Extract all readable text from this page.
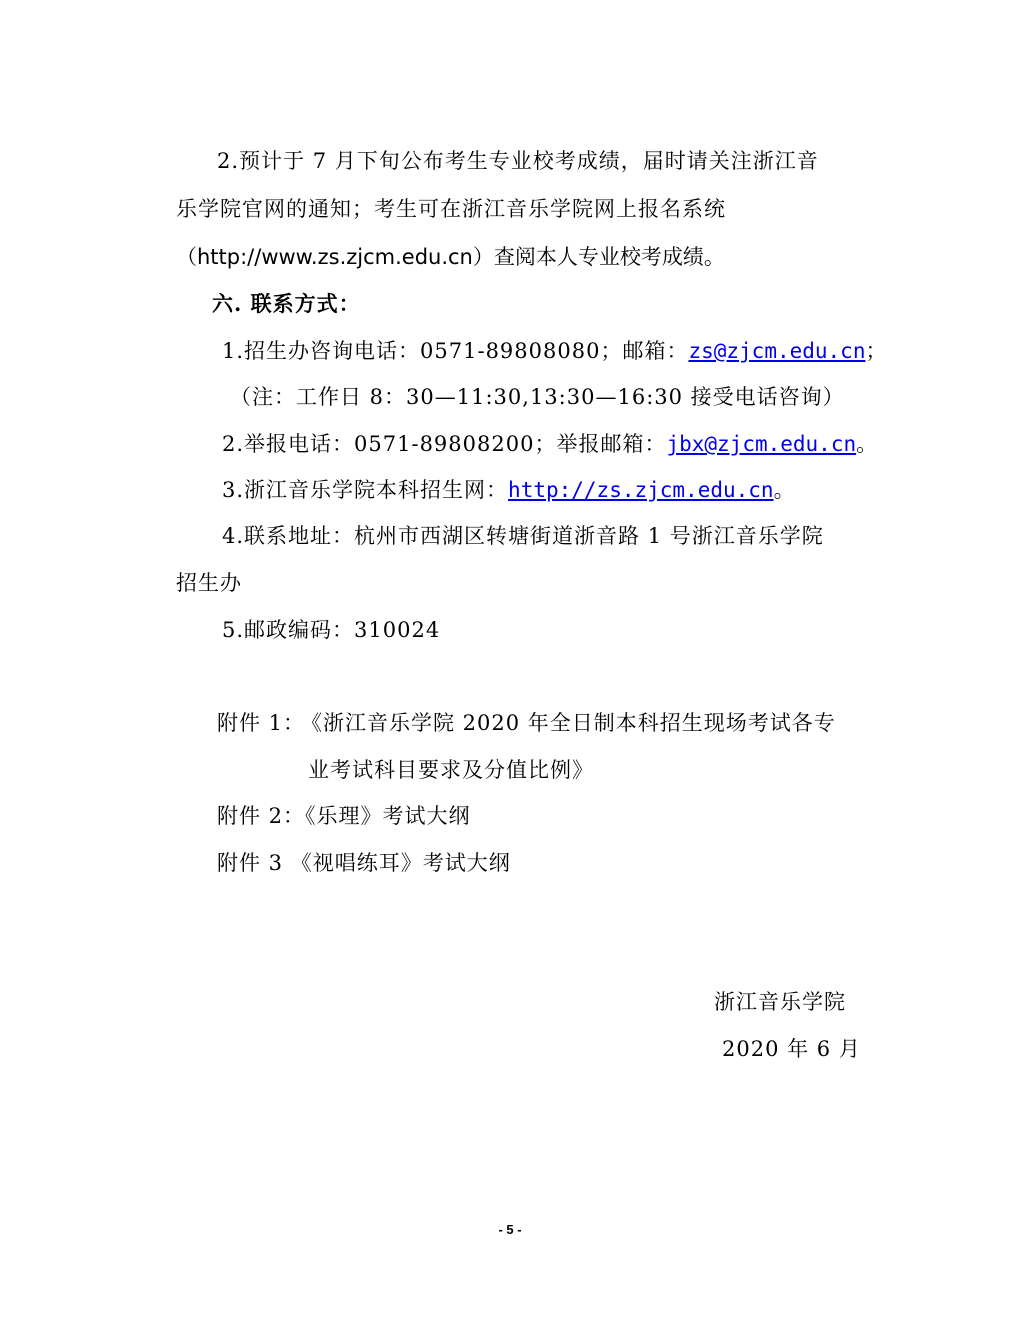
2.预计于 7 月下旬公布考生专业校考成绩，届时请关注浙江音
乐学院官网的通知；考生可在浙江音乐学院网上报名系统
（http://www.zs.zjcm.edu.cn）查阅本人专业校考成绩。
六. 联系方式：
1.招生办咨询电话：0571-89808080；邮箱：zs@zjcm.edu.cn；
（注：工作日 8：30—11:30,13:30—16:30 接受电话咨询）
2.举报电话：0571-89808200；举报邮箱：jbx@zjcm.edu.cn。
3.浙江音乐学院本科招生网：http://zs.zjcm.edu.cn。
4.联系地址：杭州市西湖区转塘街道浙音路 1 号浙江音乐学院
招生办
5.邮政编码：310024
附件 1：
《浙江音乐学院 2020 年全日制本科招生现场考试各专
业考试科目要求及分值比例》
附件 2：《乐理》考试大纲
附件 3 《视唱练耳》考试大纲
浙江音乐学院
2020 年 6 月
- 5 -
